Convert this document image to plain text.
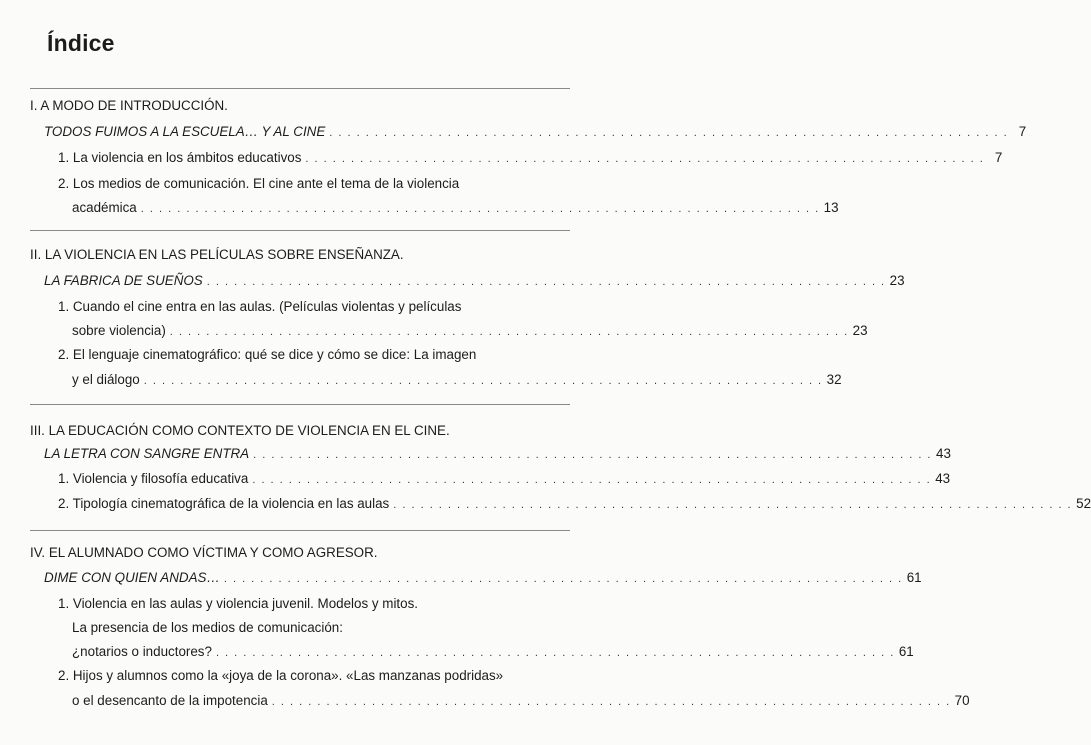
Índice
I. A MODO DE INTRODUCCIÓN.
TODOS FUIMOS A LA ESCUELA… Y AL CINE . . . . . . . . . . . . . . . . . . . . . . . . . . . . . . . . . . . . . . . . . . . . . . . . . . . . . . . . . . . . . . . . . . . . . . . . . . . 7
1. La violencia en los ámbitos educativos . . . . . . . . . . . . . . . . . . . . . . . . . . . . . . . . . . . . . . . . . . . . . . . . . . . . . . . . . . . . . . . . . . . . . . . . . . . 7
2. Los medios de comunicación. El cine ante el tema de la violencia
académica . . . . . . . . . . . . . . . . . . . . . . . . . . . . . . . . . . . . . . . . . . . . . . . . . . . . . . . . . . . . . . . . . . . . . . . . . . . 13
II. LA VIOLENCIA EN LAS PELÍCULAS SOBRE ENSEÑANZA.
LA FABRICA DE SUEÑOS . . . . . . . . . . . . . . . . . . . . . . . . . . . . . . . . . . . . . . . . . . . . . . . . . . . . . . . . . . . . . . . . . . . . . . . . . . . 23
1. Cuando el cine entra en las aulas. (Películas violentas y películas
sobre violencia) . . . . . . . . . . . . . . . . . . . . . . . . . . . . . . . . . . . . . . . . . . . . . . . . . . . . . . . . . . . . . . . . . . . . . . . . . . . 23
2. El lenguaje cinematográfico: qué se dice y cómo se dice: La imagen
y el diálogo . . . . . . . . . . . . . . . . . . . . . . . . . . . . . . . . . . . . . . . . . . . . . . . . . . . . . . . . . . . . . . . . . . . . . . . . . . . 32
III. LA EDUCACIÓN COMO CONTEXTO DE VIOLENCIA EN EL CINE.
LA LETRA CON SANGRE ENTRA . . . . . . . . . . . . . . . . . . . . . . . . . . . . . . . . . . . . . . . . . . . . . . . . . . . . . . . . . . . . . . . . . . . . . . . . . . . 43
1. Violencia y filosofía educativa . . . . . . . . . . . . . . . . . . . . . . . . . . . . . . . . . . . . . . . . . . . . . . . . . . . . . . . . . . . . . . . . . . . . . . . . . . . 43
2. Tipología cinematográfica de la violencia en las aulas . . . . . . . . . . . . . . . . . . . . . . . . . . . . . . . . . . . . . . . . . . . . . . . . . . . . . . . . . . . . . . . . . . . . . . . . . . . 52
IV. EL ALUMNADO COMO VÍCTIMA Y COMO AGRESOR.
DIME CON QUIEN ANDAS… . . . . . . . . . . . . . . . . . . . . . . . . . . . . . . . . . . . . . . . . . . . . . . . . . . . . . . . . . . . . . . . . . . . . . . . . . . . 61
1. Violencia en las aulas y violencia juvenil. Modelos y mitos.
La presencia de los medios de comunicación:
¿notarios o inductores? . . . . . . . . . . . . . . . . . . . . . . . . . . . . . . . . . . . . . . . . . . . . . . . . . . . . . . . . . . . . . . . . . . . . . . . . . . . 61
2. Hijos y alumnos como la «joya de la corona». «Las manzanas podridas»
o el desencanto de la impotencia . . . . . . . . . . . . . . . . . . . . . . . . . . . . . . . . . . . . . . . . . . . . . . . . . . . . . . . . . . . . . . . . . . . . . . . . . . . 70
